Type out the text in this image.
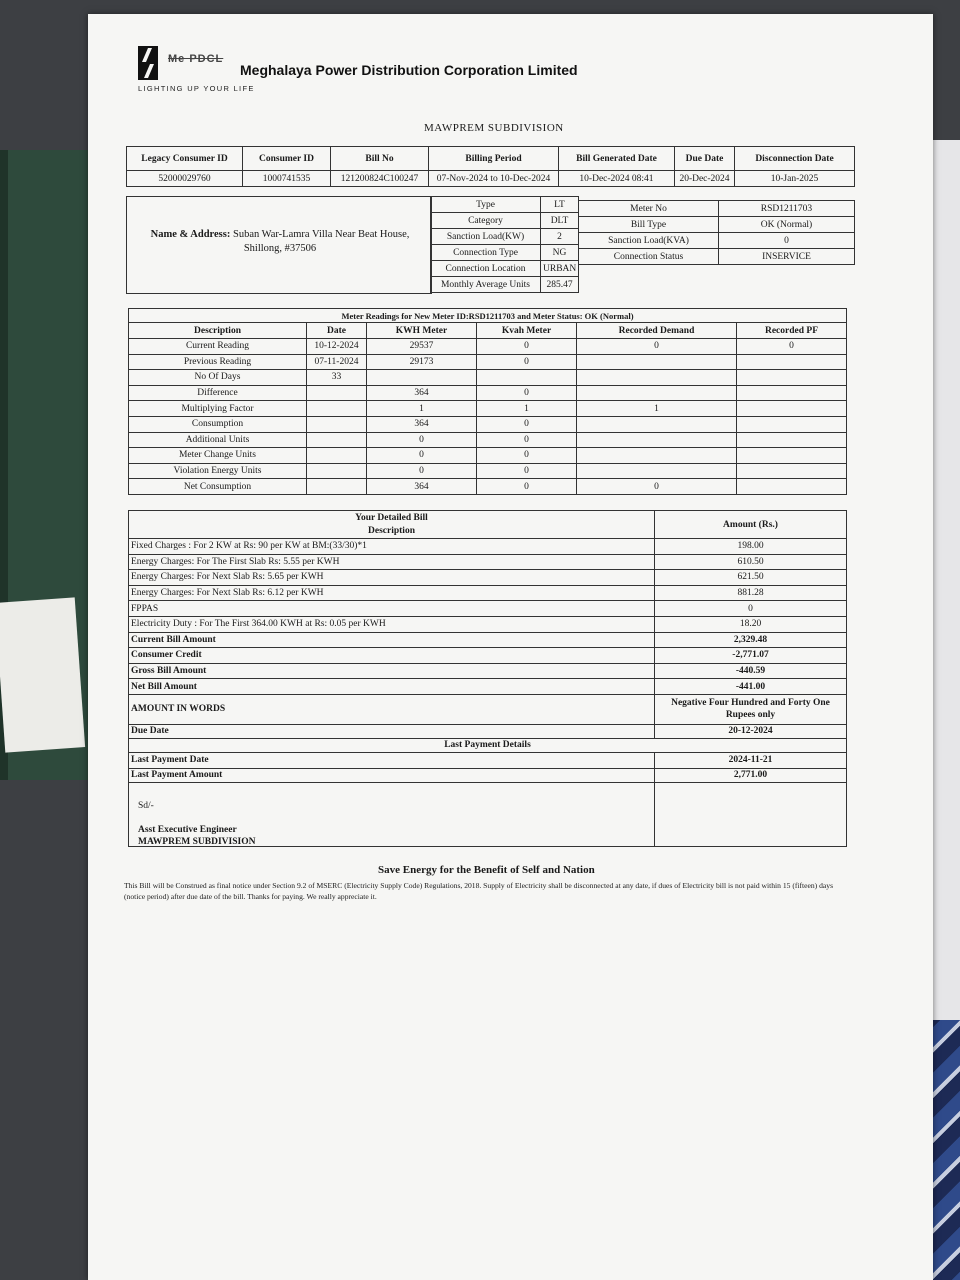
Me PDCL
LIGHTING UP YOUR LIFE
Meghalaya Power Distribution Corporation Limited
MAWPREM SUBDIVISION
Legacy Consumer ID	Consumer ID	Bill No	Billing Period	Bill Generated Date	Due Date	Disconnection Date
52000029760	1000741535	121200824C100247	07-Nov-2024 to 10-Dec-2024	10-Dec-2024 08:41	20-Dec-2024	10-Jan-2025
Name & Address: Suban War-Lamra Villa Near Beat House,
Shillong, #37506
Type	LT
Category	DLT
Sanction Load(KW)	2
Connection Type	NG
Connection Location	URBAN
Monthly Average Units	285.47
Meter No	RSD1211703
Bill Type	OK (Normal)
Sanction Load(KVA)	0
Connection Status	INSERVICE
Meter Readings for New Meter ID:RSD1211703 and Meter Status: OK (Normal)					
Description	Date	KWH Meter	Kvah Meter	Recorded Demand	Recorded PF
Current Reading	10-12-2024	29537	0	0	0
Previous Reading	07-11-2024	29173	0		
No Of Days	33				
Difference		364	0		
Multiplying Factor		1	1	1	
Consumption		364	0		
Additional Units		0	0		
Meter Change Units		0	0		
Violation Energy Units		0	0		
Net Consumption		364	0	0	
Your Detailed Bill	Amount (Rs.)
Description	
Fixed Charges : For 2 KW at Rs: 90 per KW at BM:(33/30)*1	198.00
Energy Charges: For The First Slab Rs: 5.55 per KWH	610.50
Energy Charges: For Next Slab Rs: 5.65 per KWH	621.50
Energy Charges: For Next Slab Rs: 6.12 per KWH	881.28
FPPAS	0
Electricity Duty : For The First 364.00 KWH at Rs: 0.05 per KWH	18.20
Current Bill Amount	2,329.48
Consumer Credit	-2,771.07
Gross Bill Amount	-440.59
Net Bill Amount	-441.00
AMOUNT IN WORDS	Negative Four Hundred and Forty One
Rupees only
Due Date	20-12-2024
Last Payment Details	
Last Payment Date	2024-11-21
Last Payment Amount	2,771.00

Sd/-
Asst Executive Engineer
MAWPREM SUBDIVISION
Save Energy for the Benefit of Self and Nation
This Bill will be Construed as final notice under Section 9.2 of MSERC (Electricity Supply Code) Regulations, 2018. Supply of Electricity shall be disconnected at any date, if dues of Electricity bill is not paid within 15 (fifteen) days (notice period) after due date of the bill. Thanks for paying. We really appreciate it.
